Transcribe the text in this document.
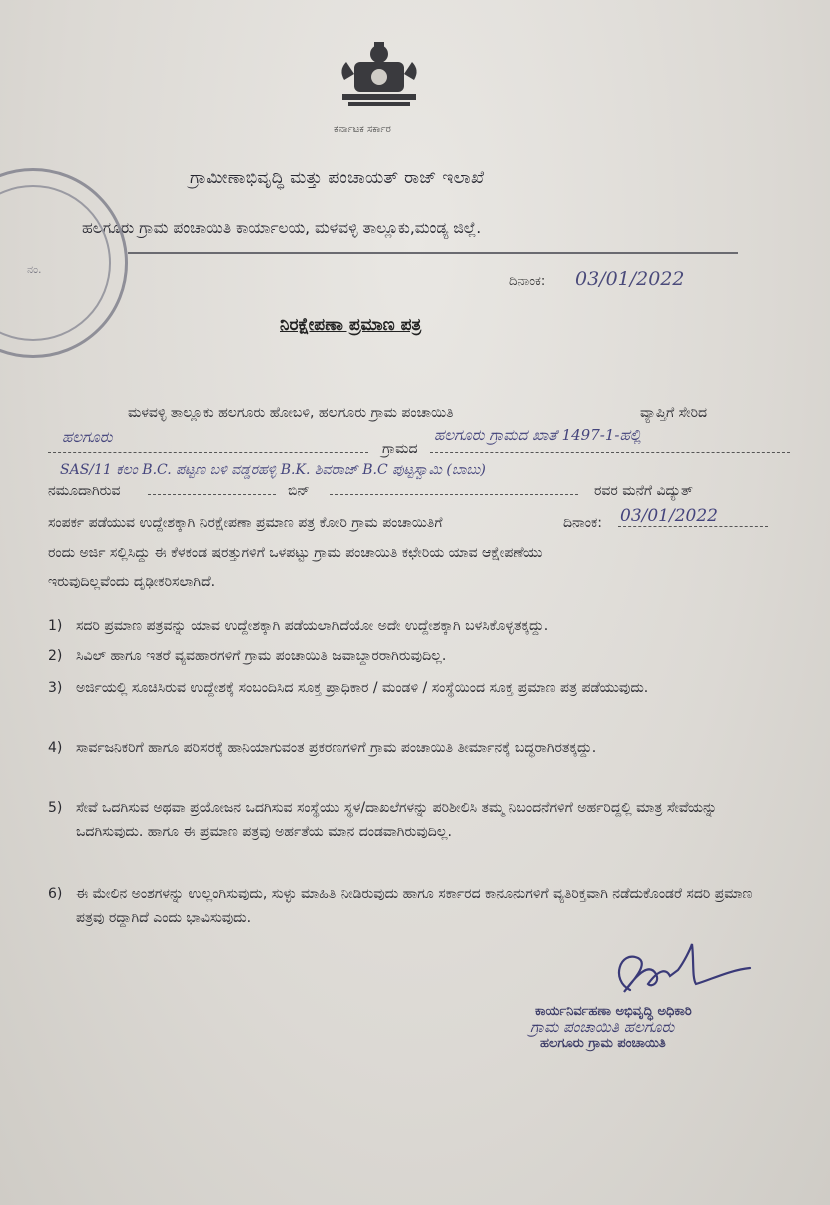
ಕರ್ನಾಟಕ ಸರ್ಕಾರ
ಗ್ರಾಮೀಣಾಭಿವೃದ್ಧಿ ಮತ್ತು ಪಂಚಾಯತ್ ರಾಜ್ ಇಲಾಖೆ
ಹಲಗೂರು ಗ್ರಾಮ ಪಂಚಾಯಿತಿ ಕಾರ್ಯಾಲಯ, ಮಳವಳ್ಳಿ ತಾಲ್ಲೂಕು,ಮಂಡ್ಯ ಜಿಲ್ಲೆ.
ನಂ.
ದಿನಾಂಕ: 03/01/2022
ನಿರಕ್ಷೇಪಣಾ ಪ್ರಮಾಣ ಪತ್ರ
ಮಳವಳ್ಳಿ ತಾಲ್ಲೂಕು ಹಲಗೂರು ಹೋಬಳಿ, ಹಲಗೂರು ಗ್ರಾಮ ಪಂಚಾಯಿತಿ	ವ್ಯಾಪ್ತಿಗೆ ಸೇರಿದ
ಹಲಗೂರು
ಗ್ರಾಮದ
ಹಲಗೂರು ಗ್ರಾಮದ ಖಾತೆ 1497-1-ಹಲ್ಲಿ
SAS/11 ಕಲಂ B.C. ಪಟ್ಟಣ ಬಳಿ ವಡ್ಡರಹಳ್ಳಿ B.K. ಶಿವರಾಜ್ B.C ಪುಟ್ಟಸ್ವಾಮಿ (ಬಾಬು)
ನಮೂದಾಗಿರುವ	ಬಿನ್	ರವರ ಮನೆಗೆ ವಿದ್ಯುತ್
ಸಂಪರ್ಕ ಪಡೆಯುವ ಉದ್ದೇಶಕ್ಕಾಗಿ ನಿರಕ್ಷೇಪಣಾ ಪ್ರಮಾಣ ಪತ್ರ ಕೋರಿ ಗ್ರಾಮ ಪಂಚಾಯಿತಿಗೆ	ದಿನಾಂಕ: 03/01/2022
ರಂದು ಅರ್ಜಿ ಸಲ್ಲಿಸಿದ್ದು ಈ ಕೆಳಕಂಡ ಷರತ್ತುಗಳಿಗೆ ಒಳಪಟ್ಟು ಗ್ರಾಮ ಪಂಚಾಯಿತಿ ಕಛೇರಿಯ ಯಾವ ಆಕ್ಷೇಪಣೆಯು
ಇರುವುದಿಲ್ಲವೆಂದು ದೃಢೀಕರಿಸಲಾಗಿದೆ.
1) ಸದರಿ ಪ್ರಮಾಣ ಪತ್ರವನ್ನು ಯಾವ ಉದ್ದೇಶಕ್ಕಾಗಿ ಪಡೆಯಲಾಗಿದೆಯೋ ಅದೇ ಉದ್ದೇಶಕ್ಕಾಗಿ ಬಳಸಿಕೊಳ್ಳತಕ್ಕದ್ದು.
2) ಸಿವಿಲ್ ಹಾಗೂ ಇತರೆ ವ್ಯವಹಾರಗಳಿಗೆ ಗ್ರಾಮ ಪಂಚಾಯಿತಿ ಜವಾಬ್ದಾರರಾಗಿರುವುದಿಲ್ಲ.
3) ಅರ್ಜಿಯಲ್ಲಿ ಸೂಚಿಸಿರುವ ಉದ್ದೇಶಕ್ಕೆ ಸಂಬಂದಿಸಿದ ಸೂಕ್ತ ಪ್ರಾಧಿಕಾರ / ಮಂಡಳಿ / ಸಂಸ್ಥೆಯಿಂದ ಸೂಕ್ತ ಪ್ರಮಾಣ ಪತ್ರ ಪಡೆಯುವುದು.
4) ಸಾರ್ವಜನಿಕರಿಗೆ ಹಾಗೂ ಪರಿಸರಕ್ಕೆ ಹಾನಿಯಾಗುವಂತ ಪ್ರಕರಣಗಳಿಗೆ ಗ್ರಾಮ ಪಂಚಾಯಿತಿ ತೀರ್ಮಾನಕ್ಕೆ ಬದ್ಧರಾಗಿರತಕ್ಕದ್ದು.
5) ಸೇವೆ ಒದಗಿಸುವ ಅಥವಾ ಪ್ರಯೋಜನ ಒದಗಿಸುವ ಸಂಸ್ಥೆಯು ಸ್ಥಳ/ದಾಖಲೆಗಳನ್ನು ಪರಿಶೀಲಿಸಿ ತಮ್ಮ ನಿಬಂದನೆಗಳಿಗೆ ಅರ್ಹರಿದ್ದಲ್ಲಿ ಮಾತ್ರ ಸೇವೆಯನ್ನು ಒದಗಿಸುವುದು. ಹಾಗೂ ಈ ಪ್ರಮಾಣ ಪತ್ರವು ಅರ್ಹತೆಯ ಮಾನ ದಂಡವಾಗಿರುವುದಿಲ್ಲ.
6) ಈ ಮೇಲಿನ ಅಂಶಗಳನ್ನು ಉಲ್ಲಂಗಿಸುವುದು, ಸುಳ್ಳು ಮಾಹಿತಿ ನೀಡಿರುವುದು ಹಾಗೂ ಸರ್ಕಾರದ ಕಾನೂನುಗಳಿಗೆ ವ್ಯತಿರಿಕ್ತವಾಗಿ ನಡೆದುಕೊಂಡರೆ ಸದರಿ ಪ್ರಮಾಣ ಪತ್ರವು ರದ್ದಾಗಿದೆ ಎಂದು ಭಾವಿಸುವುದು.
ಕಾರ್ಯನಿರ್ವಹಣಾ ಅಭಿವೃದ್ಧಿ ಅಧಿಕಾರಿ
ಗ್ರಾಮ ಪಂಚಾಯಿತಿ ಹಲಗೂರು
ಹಲಗೂರು ಗ್ರಾಮ ಪಂಚಾಯಿತಿ
